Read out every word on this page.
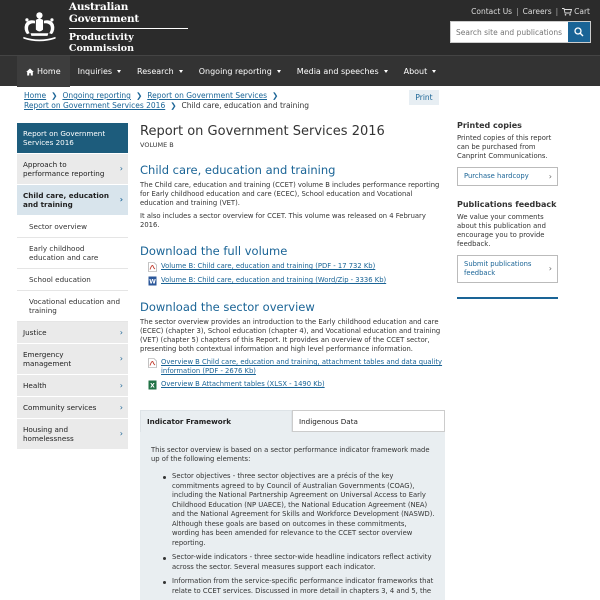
Australian Government
Productivity Commission
Contact Us | Careers | Cart
Search site and publications
Home Inquiries	Research	Ongoing reporting	Media and speeches	About
Home ❯ Ongoing reporting ❯ Report on Government Services ❯
Report on Government Services 2016 ❯ Child care, education and training
Print
Report on Government Services 2016
Approach to performance reporting
›
Child care, education and training
›
Sector overview
Early childhood education and care
School education
Vocational education and training
Justice	›
Emergency management
›
Health	›
Community services	›
Housing and homelessness
›
Report on Government Services 2016
VOLUME B
Child care, education and training

The Child care, education and training (CCET) volume B includes performance reporting for Early childhood education and care (ECEC), School education and Vocational education and training (VET).

It also includes a sector overview for CCET. This volume was released on 4 February 2016.

Download the full volume
Volume B: Child care, education and training (PDF - 17 732 Kb)
W Volume B: Child care, education and training (Word/Zip - 3336 Kb)
Download the sector overview

The sector overview provides an introduction to the Early childhood education and care (ECEC) (chapter 3), School education (chapter 4), and Vocational education and training (VET) (chapter 5) chapters of this Report. It provides an overview of the CCET sector, presenting both contextual information and high level performance information.

Overview B Child care, education and training, attachment tables and data quality information (PDF - 2676 Kb)
X Overview B Attachment tables (XLSX - 1490 Kb)
Indicator Framework	Indigenous Data

This sector overview is based on a sector performance indicator framework made up of the following elements:

Sector objectives - three sector objectives are a précis of the key commitments agreed to by Council of Australian Governments (COAG), including the National Partnership Agreement on Universal Access to Early Childhood Education (NP UAECE), the National Education Agreement (NEA) and the National Agreement for Skills and Workforce Development (NASWD). Although these goals are based on outcomes in these commitments, wording has been amended for relevance to the CCET sector overview reporting.
Sector-wide indicators - three sector-wide headline indicators reflect activity across the sector. Several measures support each indicator.
Information from the service-specific performance indicator frameworks that relate to CCET services. Discussed in more detail in chapters 3, 4 and 5, the
Printed copies

Printed copies of this report can be purchased from Canprint Communications.

Purchase hardcopy	›
Publications feedback

We value your comments about this publication and encourage you to provide feedback.

Submit publications feedback	›
